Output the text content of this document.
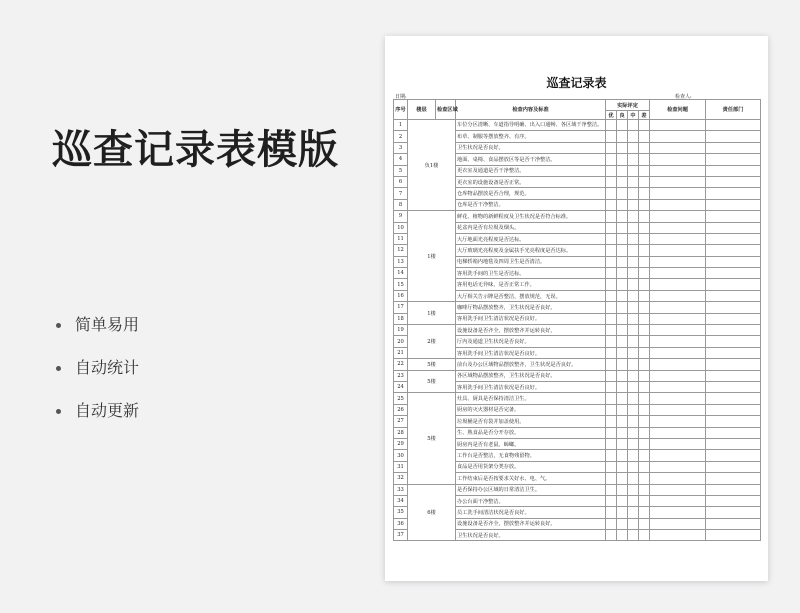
巡查记录表模版
简单易用
自动统计
自动更新
巡查记录表
日期:	检查人:
序号	楼层	检查区域	检查内容及标准	实际评定				检查问题	责任部门
				优	良	中	差		
1	负1楼		车位分区清晰、车道指导明确、出入口通畅、各区域干净整洁。						
2			布草、制服等摆放整齐、有序。						
3			卫生状况是否良好。						
4			地面、桌椅、食品摆放区等是否干净整洁。						
5			更衣室及通道是否干净整洁。						
6			更衣室的设施设备是否正常。						
7			仓库物品摆放是否合理，规范。						
8			仓库是否干净整洁。						
9	1楼		鲜花、植物的新鲜程度及卫生状况是否符合标准。						
10			花盆内是否有垃圾及烟头。						
11			大厅地面光亮程度是否达标。						
12			大厅玻璃光亮程度及金属扶手光亮程度是否达标。						
13			电梯轿箱内地毯及四周卫生是否清洁。						
14			客用洗手间的卫生是否达标。						
15			客用电话无异味，是否正常工作。						
16			大厅相关告示牌是否整洁，摆放规范，无误。						
17	1楼		咖啡厅物品摆放整齐，卫生状况是否良好。						
18			客用洗手间卫生清洁状况是否良好。						
19	2楼		设施设备是否齐全，摆放整齐并运转良好。						
20			厅内及通道卫生状况是否良好。						
21			客用洗手间卫生清洁状况是否良好。						
22	5楼		前台及办公区域物品摆放整齐，卫生状况是否良好。						
23	5楼		各区域物品摆放整齐，卫生状况是否良好。						
24			客用洗手间卫生清洁状况是否良好。						
25	5楼		灶具、厨具是否保持清洁卫生。						
26			厨房的灭火器材是否完备。						
27			垃圾桶是否有袋并加盖使用。						
28			生、熟食品是否分开存放。						
29			厨房内是否有老鼠、蟑螂。						
30			工作台是否整洁，无食物残留物。						
31			食品是否用货架分类存放。						
32			工作结束后是否按要求关好水、电、气。						
33	6楼		是否保持办公区域的日常清洁卫生。						
34			办公台面干净整洁。						
35			员工洗手间清洁状况是否良好。						
36			设施设备是否齐全，摆放整齐并运转良好。						
37			卫生状况是否良好。						
